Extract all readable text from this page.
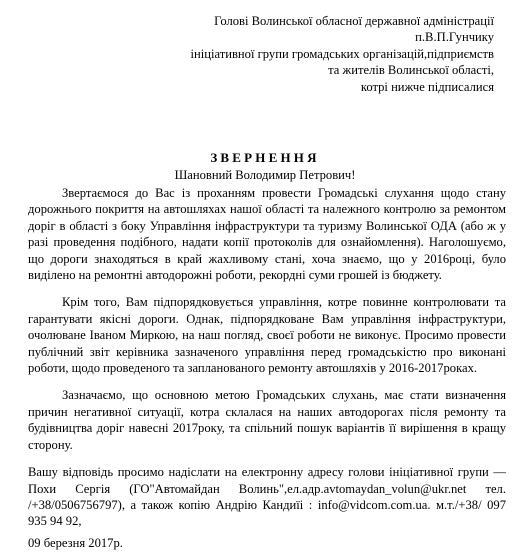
Голові Волинської обласної державної адміністрації
п.В.П.Гунчику
ініціативної групи громадських організацій,підприємств
та жителів Волинської області,
котрі нижче підписалися
ЗВЕРНЕННЯ
Шановний Володимир Петрович!

Звертаємося до Вас із проханням провести Громадські слухання щодо стану дорожнього покриття на автошляхах нашої області та належного контролю за ремонтом доріг в області з боку Управління інфраструктури та туризму Волинської ОДА (або ж у разі проведення подібного, надати копії протоколів для ознайомлення). Наголошуємо, що дороги знаходяться в край жахливому стані, хоча знаємо, що у 2016році, було виділено на ремонтні автодорожні роботи, рекордні суми грошей із бюджету.

Крім того, Вам підпорядковується управління, котре повинне контролювати та гарантувати якісні дороги. Однак, підпорядковане Вам управління інфраструктури, очолюване Іваном Миркою, на наш погляд, своєї роботи не виконує. Просимо провести публічний звіт керівника зазначеного управління перед громадськістю про виконані роботи, щодо проведеного та запланованого ремонту автошляхів у 2016-2017роках.

Зазначаємо, що основною метою Громадських слухань, має стати визначення причин негативної ситуації, котра склалася на наших автодорогах після ремонту та будівництва доріг навесні 2017року, та спільний пошук варіантів її вирішення в кращу сторону.

Вашу відповідь просимо надіслати на електронну адресу голови ініціативної групи — Похи Сергія (ГО"Автомайдан Волинь",ел.адр.avtomaydan_volun@ukr.net тел. /+38/0506756797), а також копію Андрію Кандиїі : info@vidcom.com.ua. м.т./+38/ 097 935 94 92,

09 березня 2017р.
